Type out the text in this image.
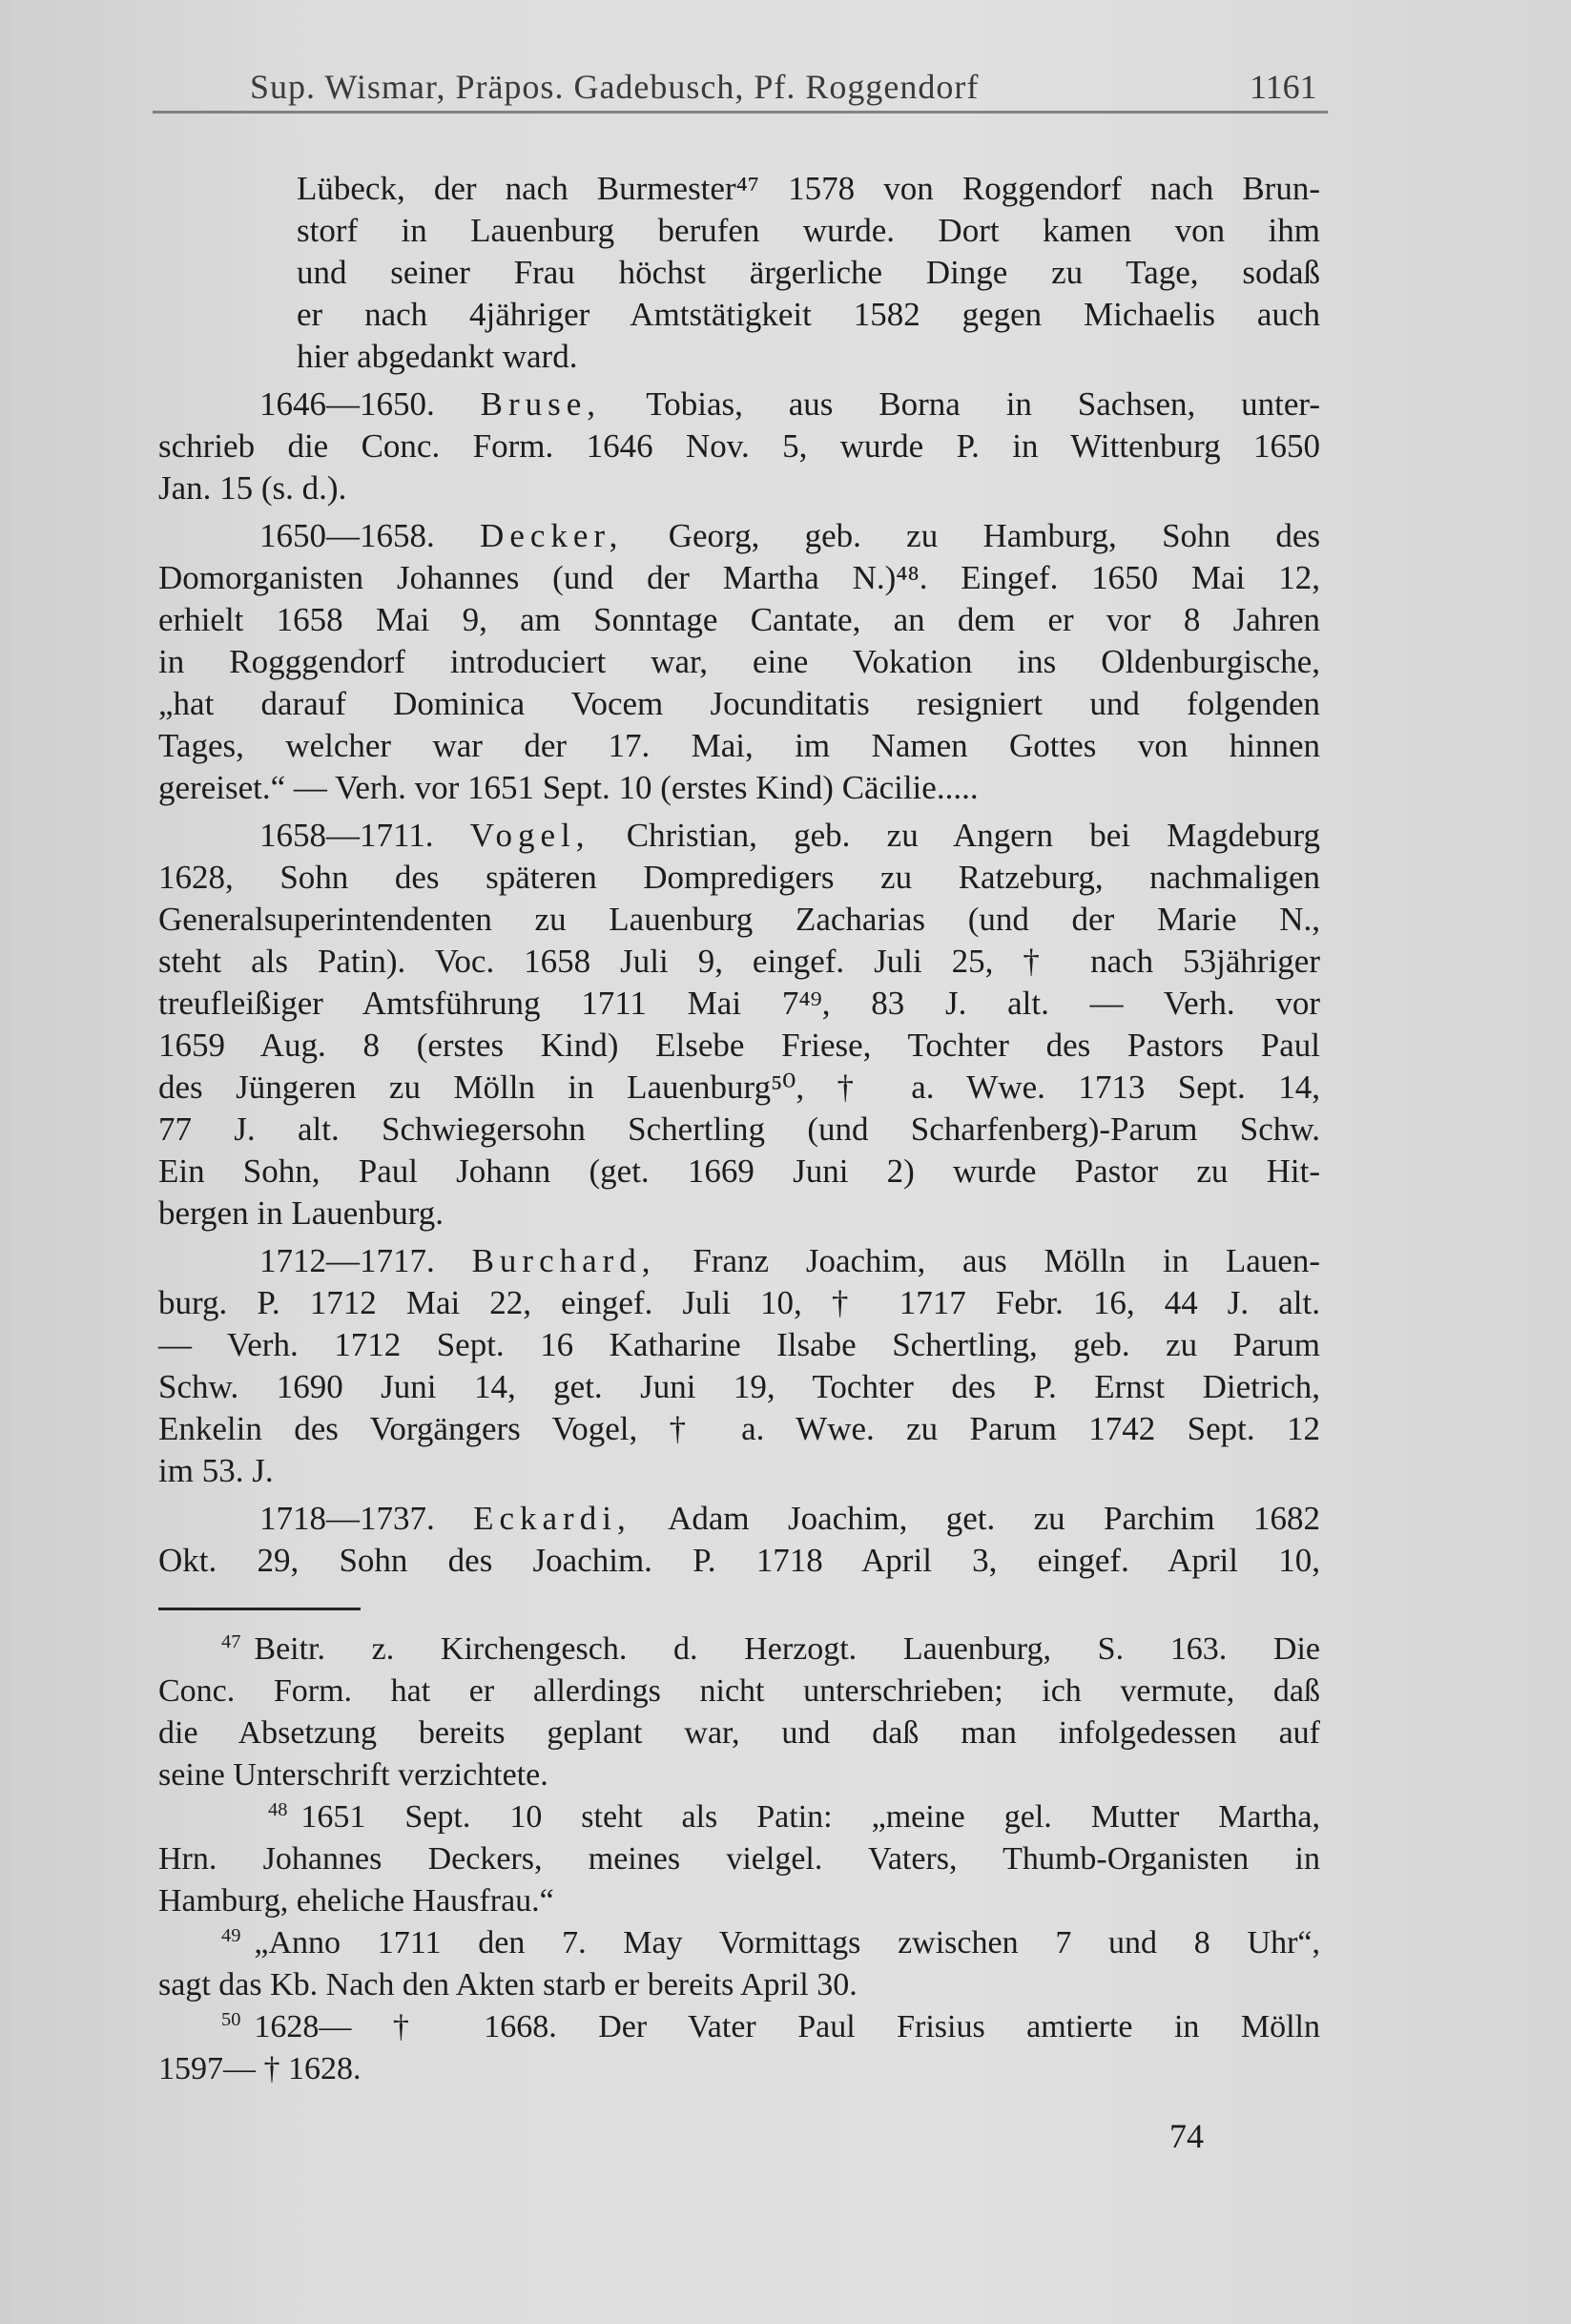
Sup. Wismar, Präpos. Gadebusch, Pf. Roggendorf	1161
Lübeck, der nach Burmester⁴⁷ 1578 von Roggendorf nach Brun-
storf in Lauenburg berufen wurde. Dort kamen von ihm
und seiner Frau höchst ärgerliche Dinge zu Tage, sodaß
er nach 4jähriger Amtstätigkeit 1582 gegen Michaelis auch
hier abgedankt ward.
1646—1650. Bruse, Tobias, aus Borna in Sachsen, unter-
schrieb die Conc. Form. 1646 Nov. 5, wurde P. in Wittenburg 1650
Jan. 15 (s. d.).
1650—1658. Decker, Georg, geb. zu Hamburg, Sohn des
Domorganisten Johannes (und der Martha N.)⁴⁸. Eingef. 1650 Mai 12,
erhielt 1658 Mai 9, am Sonntage Cantate, an dem er vor 8 Jahren
in Rogggendorf introduciert war, eine Vokation ins Oldenburgische,
„hat darauf Dominica Vocem Jocunditatis resigniert und folgenden
Tages, welcher war der 17. Mai, im Namen Gottes von hinnen
gereiset.“ — Verh. vor 1651 Sept. 10 (erstes Kind) Cäcilie.....
1658—1711. Vogel, Christian, geb. zu Angern bei Magdeburg
1628, Sohn des späteren Dompredigers zu Ratzeburg, nachmaligen
Generalsuperintendenten zu Lauenburg Zacharias (und der Marie N.,
steht als Patin). Voc. 1658 Juli 9, eingef. Juli 25, † nach 53jähriger
treufleißiger Amtsführung 1711 Mai 7⁴⁹, 83 J. alt. — Verh. vor
1659 Aug. 8 (erstes Kind) Elsebe Friese, Tochter des Pastors Paul
des Jüngeren zu Mölln in Lauenburg⁵⁰, † a. Wwe. 1713 Sept. 14,
77 J. alt. Schwiegersohn Schertling (und Scharfenberg)-Parum Schw.
Ein Sohn, Paul Johann (get. 1669 Juni 2) wurde Pastor zu Hit-
bergen in Lauenburg.
1712—1717. Burchard, Franz Joachim, aus Mölln in Lauen-
burg. P. 1712 Mai 22, eingef. Juli 10, † 1717 Febr. 16, 44 J. alt.
— Verh. 1712 Sept. 16 Katharine Ilsabe Schertling, geb. zu Parum
Schw. 1690 Juni 14, get. Juni 19, Tochter des P. Ernst Dietrich,
Enkelin des Vorgängers Vogel, † a. Wwe. zu Parum 1742 Sept. 12
im 53. J.
1718—1737. Eckardi, Adam Joachim, get. zu Parchim 1682
Okt. 29, Sohn des Joachim. P. 1718 April 3, eingef. April 10,
$^{47}$ Beitr. z. Kirchengesch. d. Herzogt. Lauenburg, S. 163. Die
Conc. Form. hat er allerdings nicht unterschrieben; ich vermute, daß
die Absetzung bereits geplant war, und daß man infolgedessen auf
seine Unterschrift verzichtete.
$^{48}$ 1651 Sept. 10 steht als Patin: „meine gel. Mutter Martha,
Hrn. Johannes Deckers, meines vielgel. Vaters, Thumb-Organisten in
Hamburg, eheliche Hausfrau.“
$^{49}$ „Anno 1711 den 7. May Vormittags zwischen 7 und 8 Uhr“,
sagt das Kb. Nach den Akten starb er bereits April 30.
$^{50}$ 1628— † 1668. Der Vater Paul Frisius amtierte in Mölln
1597— † 1628.
74
